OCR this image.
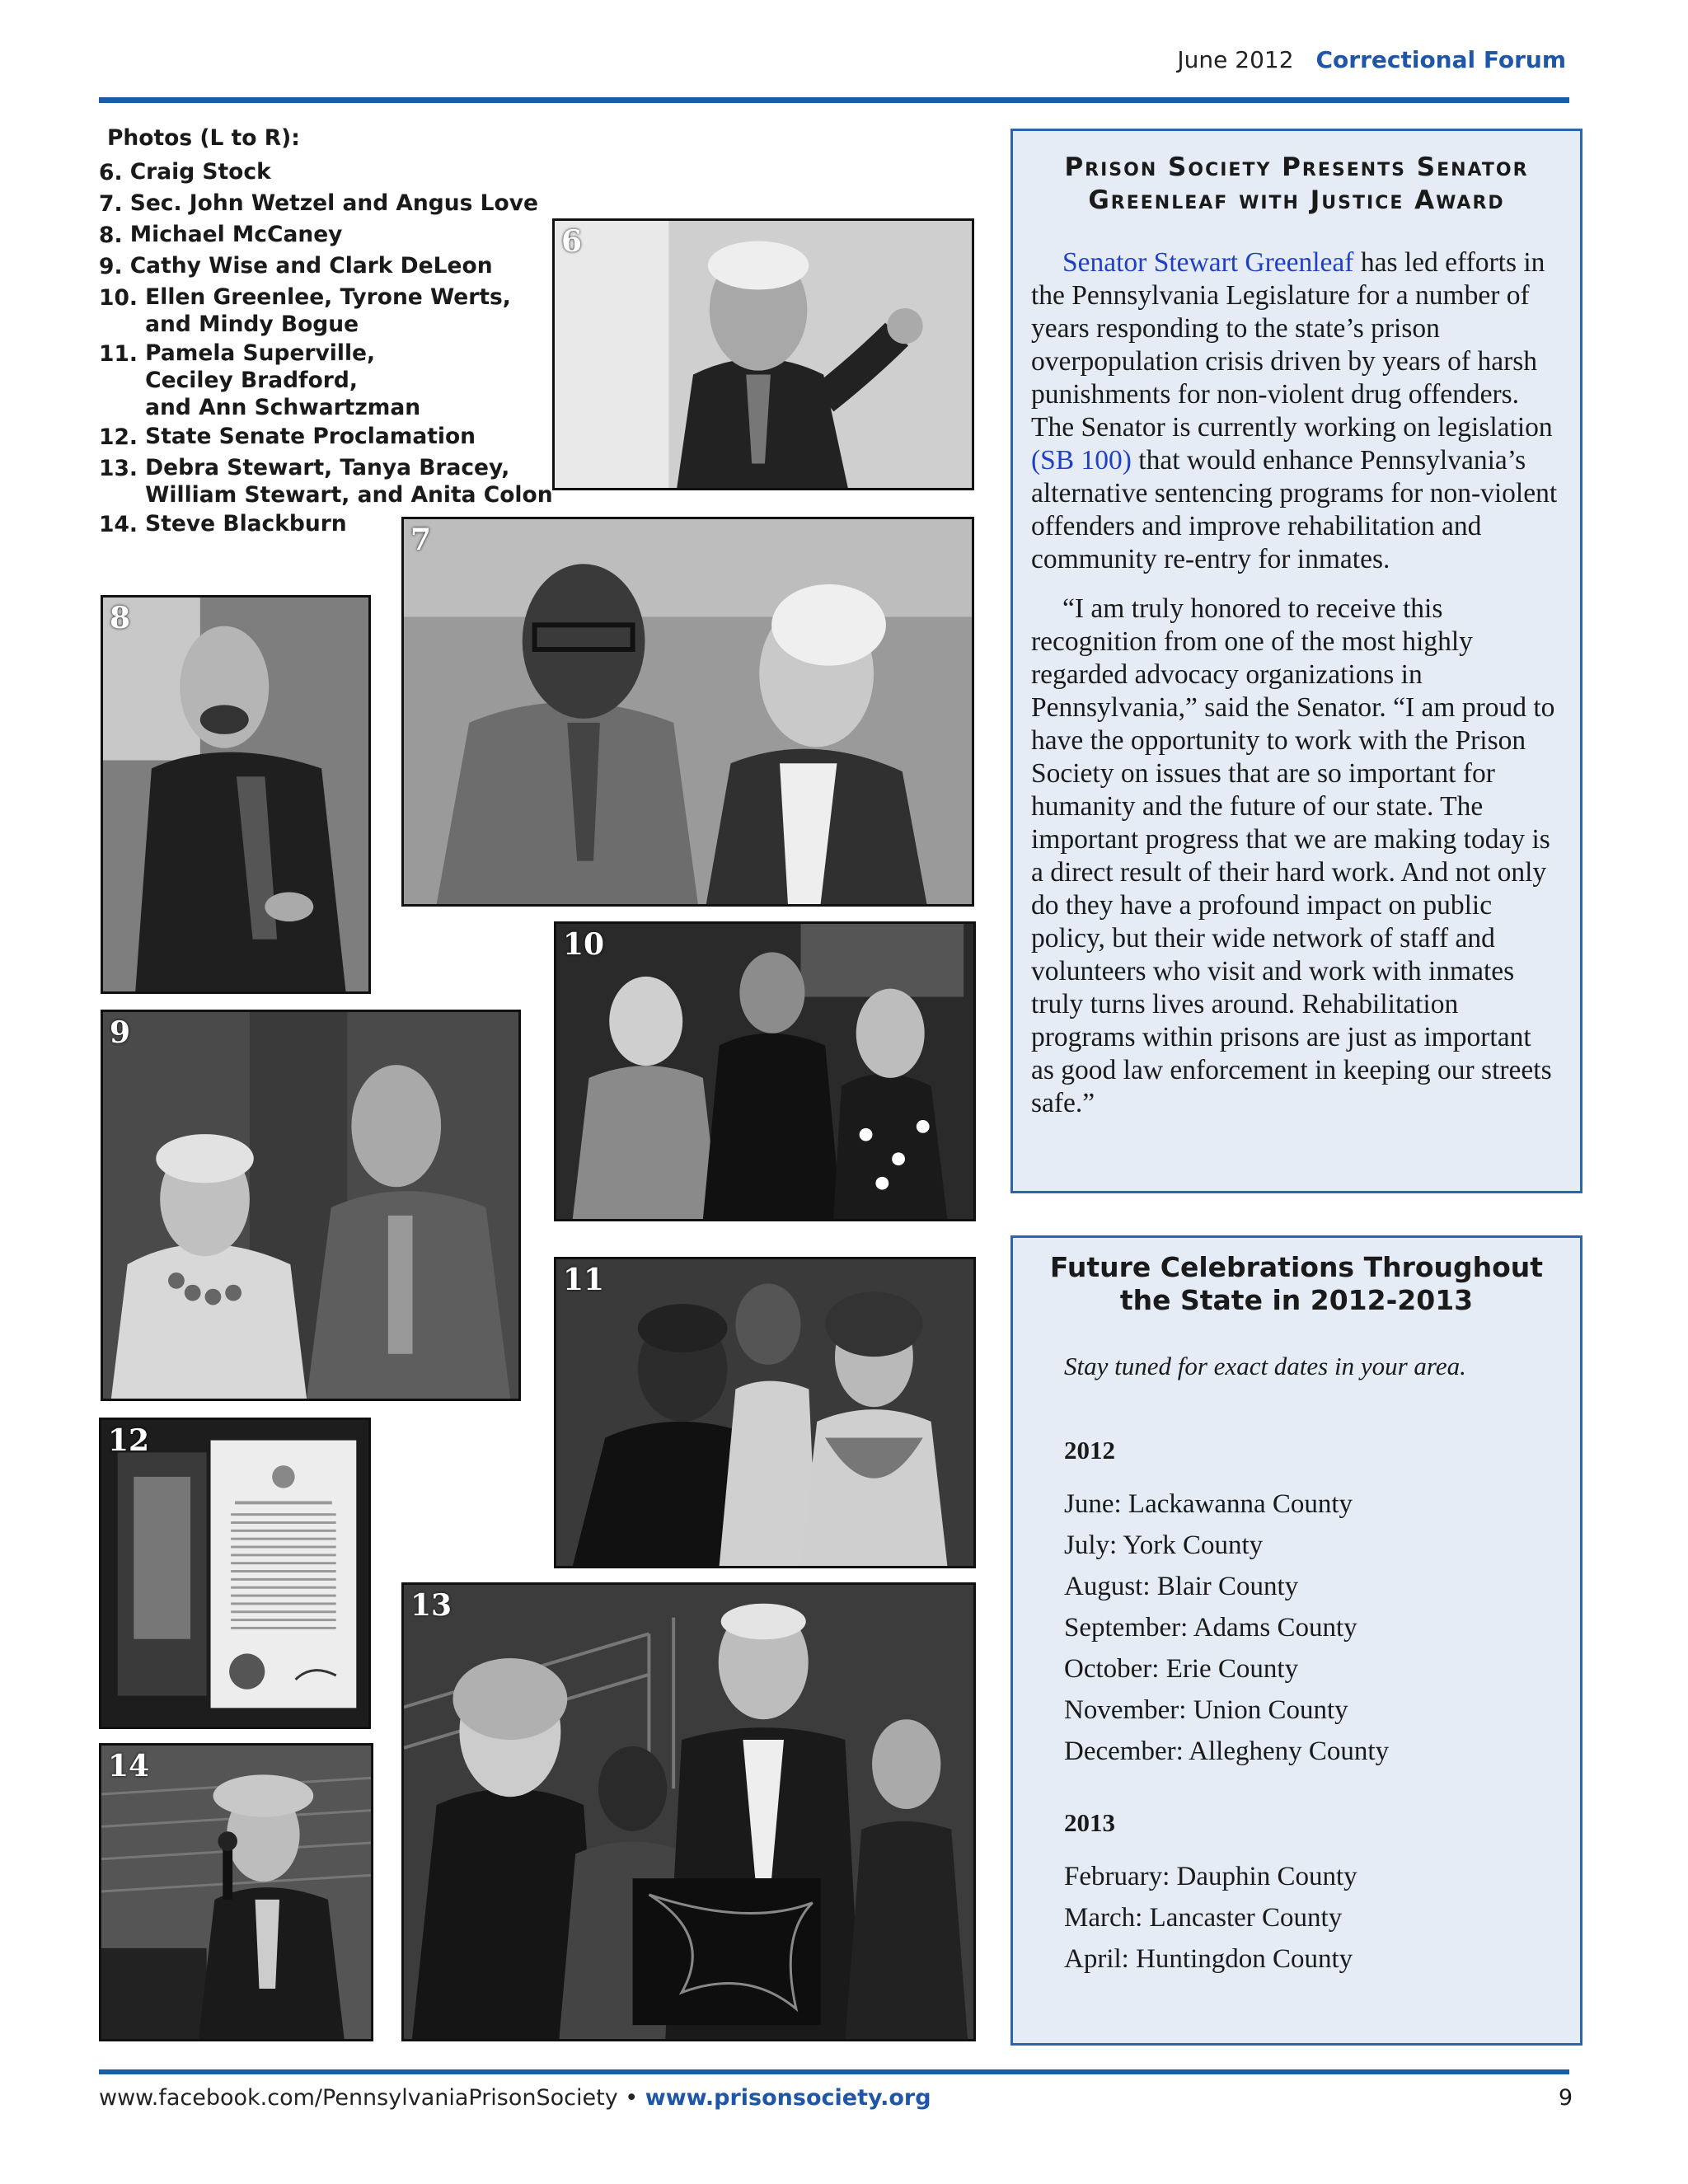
June 2012 Correctional Forum
Photos (L to R):
6. Craig Stock
7. Sec. John Wetzel and Angus Love
8. Michael McCaney
9. Cathy Wise and Clark DeLeon
10. Ellen Greenlee, Tyrone Werts,
and Mindy Bogue
11. Pamela Superville,
Ceciley Bradford,
and Ann Schwartzman
12. State Senate Proclamation
13. Debra Stewart, Tanya Bracey,
William Stewart, and Anita Colon
14. Steve Blackburn
6
7
8
9
10
11
12
13
14
Prison Society Presents Senator
Greenleaf with Justice Award

Senator Stewart Greenleaf has led efforts in the Pennsylvania Legislature for a number of years responding to the state’s prison overpopulation crisis driven by years of harsh punishments for non-violent drug offenders. The Senator is currently working on legislation (SB 100) that would enhance Pennsylvania’s alternative sentencing programs for non-violent offenders and improve rehabilitation and community re-entry for inmates.

“I am truly honored to receive this recognition from one of the most highly regarded advocacy organizations in Pennsylvania,” said the Senator. “I am proud to have the opportunity to work with the Prison Society on issues that are so important for humanity and the future of our state. The important progress that we are making today is a direct result of their hard work. And not only do they have a profound impact on public policy, but their wide network of staff and volunteers who visit and work with inmates truly turns lives around. Rehabilitation programs within prisons are just as important as good law enforcement in keeping our streets safe.”

Future Celebrations Throughout
the State in 2012-2013
Stay tuned for exact dates in your area.
2012
June: Lackawanna County
July: York County
August: Blair County
September: Adams County
October: Erie County
November: Union County
December: Allegheny County
2013
February: Dauphin County
March: Lancaster County
April: Huntingdon County
www.facebook.com/PennsylvaniaPrisonSociety • www.prisonsociety.org	9
